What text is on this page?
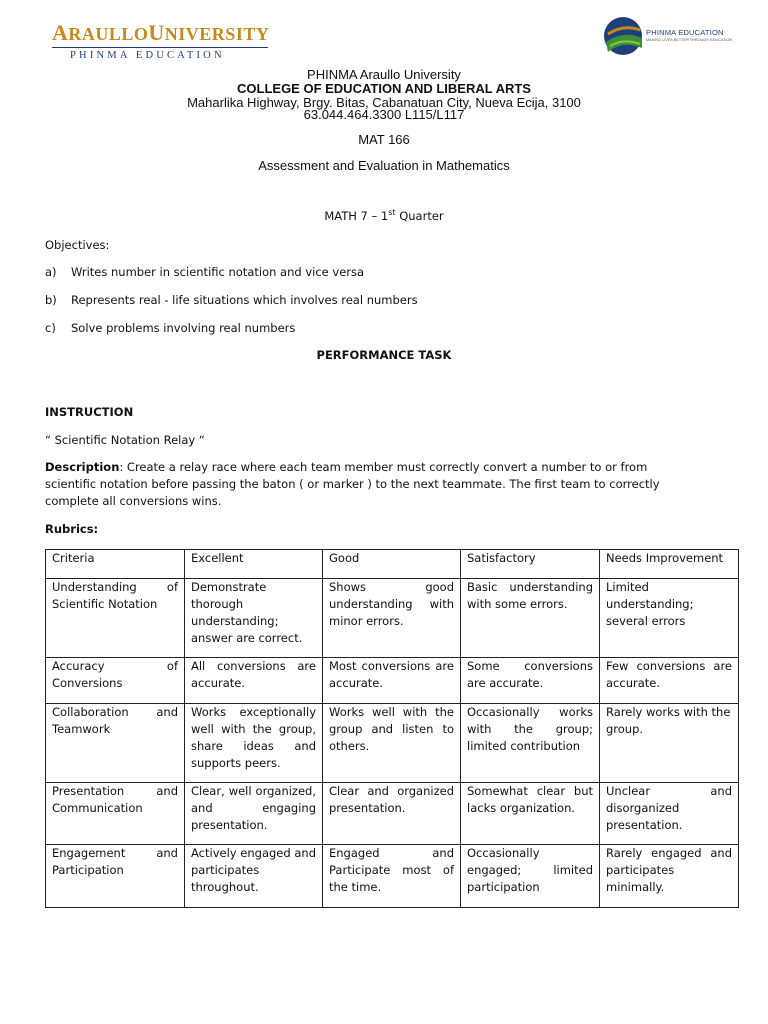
ARAULLOUNIVERSITY
PHINMA EDUCATION
PHINMA EDUCATION
MAKING LIVES BETTER THROUGH EDUCATION
PHINMA Araullo University
COLLEGE OF EDUCATION AND LIBERAL ARTS
Maharlika Highway, Brgy. Bitas, Cabanatuan City, Nueva Ecija, 3100
63.044.464.3300 L115/L117
MAT 166
Assessment and Evaluation in Mathematics
MATH 7 – 1st Quarter
Objectives:
a) Writes number in scientific notation and vice versa
b) Represents real - life situations which involves real numbers
c) Solve problems involving real numbers
PERFORMANCE TASK
INSTRUCTION
“ Scientific Notation Relay “
Description: Create a relay race where each team member must correctly convert a number to or from scientific notation before passing the baton ( or marker ) to the next teammate. The first team to correctly complete all conversions wins.
Rubrics:
Criteria	Excellent	Good	Satisfactory	Needs Improvement
Understanding of Scientific Notation	Demonstrate thorough understanding; answer are correct.	Shows good understanding with minor errors.	Basic understanding with some errors.	Limited understanding; several errors
Accuracy of Conversions	All conversions are accurate.	Most conversions are accurate.	Some conversions are accurate.	Few conversions are accurate.
Collaboration and Teamwork	Works exceptionally well with the group, share ideas and supports peers.	Works well with the group and listen to others.	Occasionally works with the group; limited contribution	Rarely works with the group.
Presentation and Communication	Clear, well organized, and engaging presentation.	Clear and organized presentation.	Somewhat clear but lacks organization.	Unclear and disorganized presentation.
Engagement and Participation	Actively engaged and participates throughout.	Engaged and Participate most of the time.	Occasionally engaged; limited participation	Rarely engaged and participates minimally.
